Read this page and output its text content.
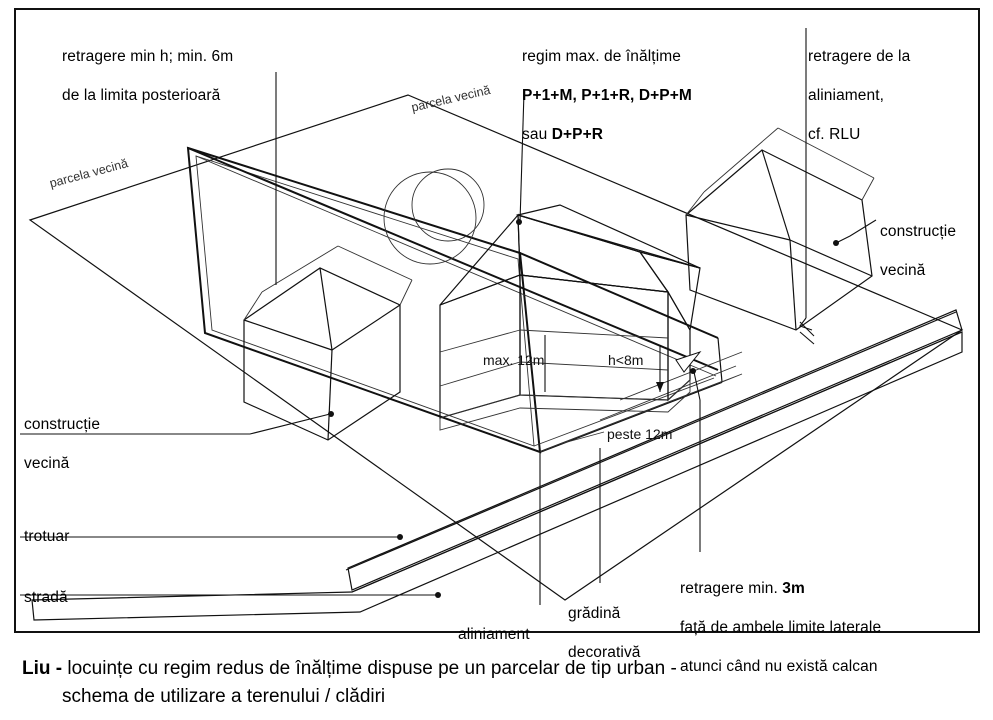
retragere min h; min. 6m

de la limita posterioară

regim max. de înălțime

P+1+M, P+1+R, D+P+M

sau D+P+R

retragere de la

aliniament,

cf. RLU

construcție

vecină

construcție

vecină

trotuar

stradă

aliniament

grădină

decorativă

retragere min. 3m

față de ambele limite laterale

atunci când nu există calcan

max. 12m	h<8m
peste 12m
parcela vecină
parcela vecină
Liu - locuințe cu regim redus de înălțime dispuse pe un parcelar de tip urban -
schema de utilizare a terenului / clădiri
